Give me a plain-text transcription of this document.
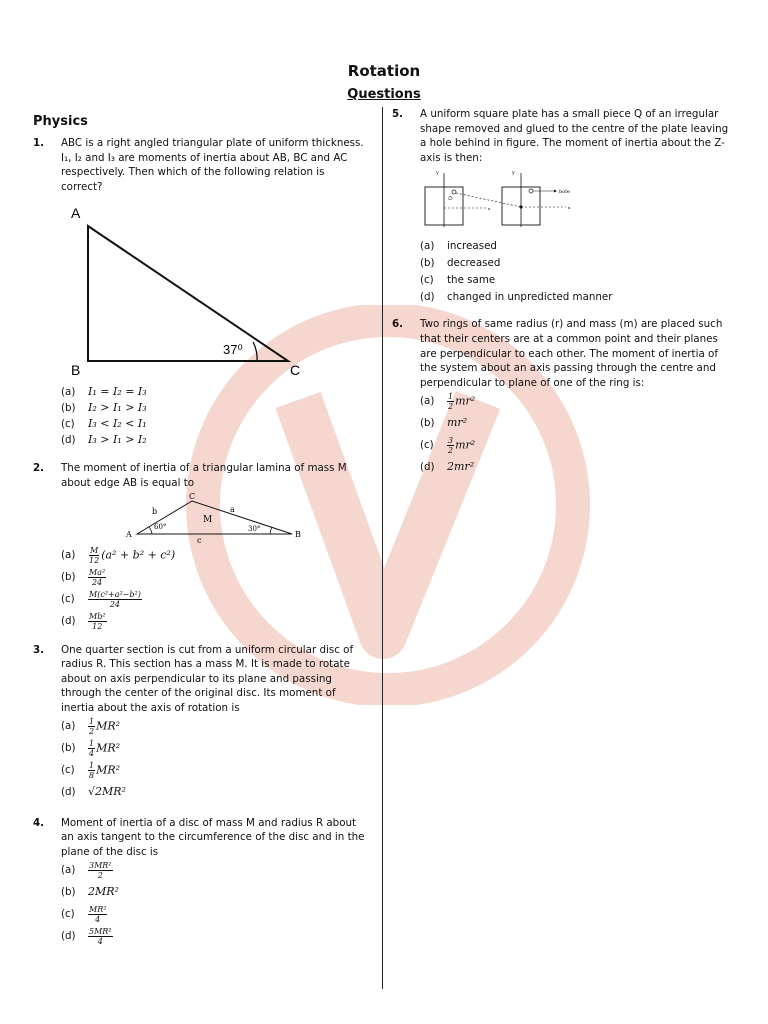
Rotation
Questions
Physics
1.	ABC is a right angled triangular plate of uniform thickness. I₁, I₂ and I₃ are moments of inertia about AB, BC and AC respectively. Then which of the following relation is correct?

A
37⁰
B	C
(a)	I₁ = I₂ = I₃
(b)	I₂ > I₁ > I₃
(c)	I₃ < I₂ < I₁
(d)	I₃ > I₁ > I₂
2.	The moment of inertia of a triangular lamina of mass M about edge AB is equal to

C
b
M
a
60°	30°
A
c
B
(a)	$\frac{M}{12} (a^2 + b^2 + c^2)$
(b)	$\frac{\text{Ma²}}{24}$
(c)	$\frac{\text{M(c²+a²−b²)}}{24}$
(d)	$\frac{\text{Mb²}}{12}$
3.	One quarter section is cut from a uniform circular disc of radius R. This section has a mass M. It is made to rotate about on axis perpendicular to its plane and passing through the center of the original disc. Its moment of inertia about the axis of rotation is

(a)	$\frac{1}{2} MR^2$
(b)	$\frac{1}{4} MR^2$
(c)	$\frac{1}{8} MR^2$
(d)	√2MR²
4.	Moment of inertia of a disc of mass M and radius R about an axis tangent to the circumference of the disc and in the plane of the disc is

(a)	$\frac{\text{3MR²}}{2}$
(b)	2MR²
(c)	$\frac{\text{MR²}}{4}$
(d)	$\frac{\text{5MR²}}{4}$
5.	A uniform square plate has a small piece Q of an irregular shape removed and glued to the centre of the plate leaving a hole behind in figure. The moment of inertia about the Z-axis is then:

y
Q
x
y
hole
x
(a)	increased
(b)	decreased
(c)	the same
(d)	changed in unpredicted manner
6.	Two rings of same radius (r) and mass (m) are placed such that their centers are at a common point and their planes are perpendicular to each other. The moment of inertia of the system about an axis passing through the centre and perpendicular to plane of one of the ring is:

(a)	$\frac{1}{2} mr^2$
(b)	mr²
(c)	$\frac{3}{2} mr^2$
(d)	2mr²
